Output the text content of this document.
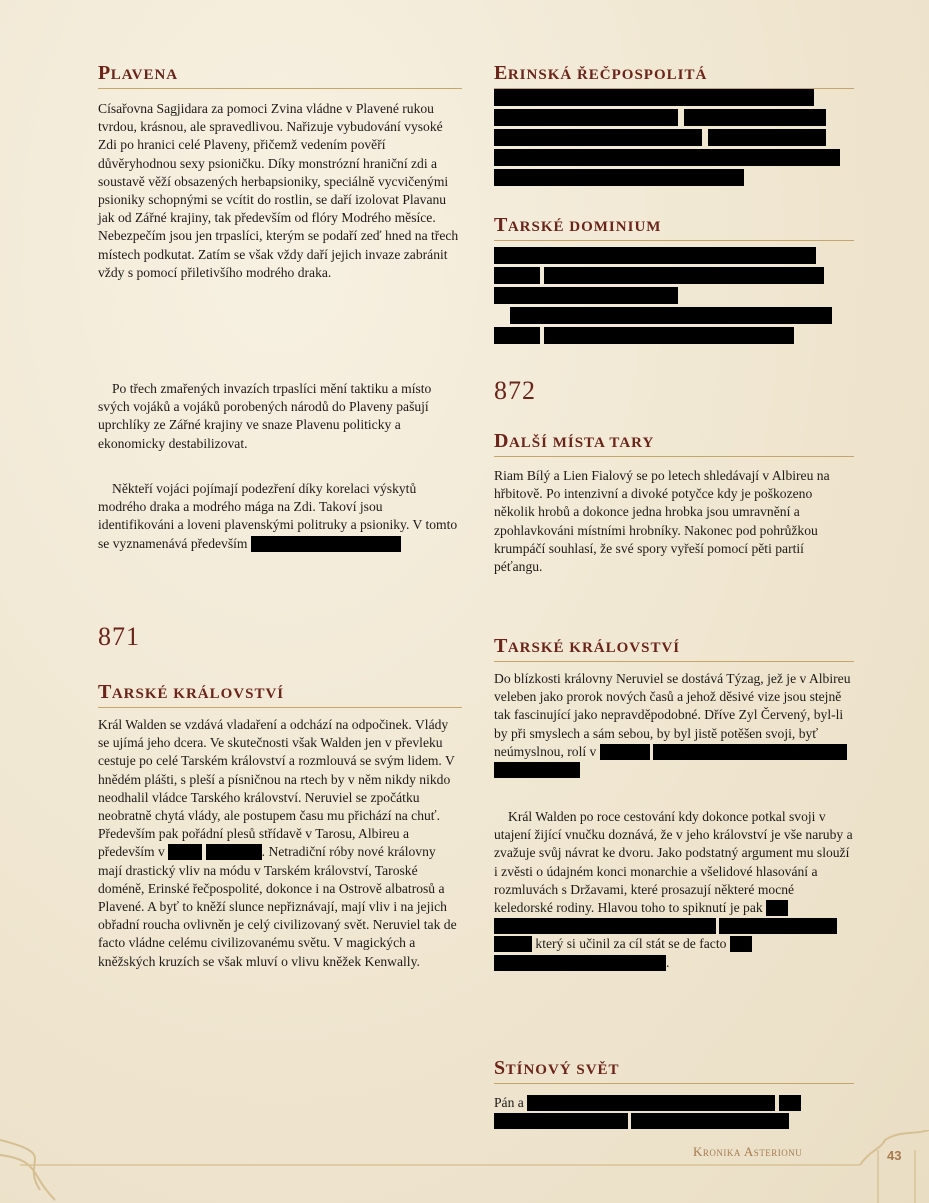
PLAVENA

Císařovna Sagjidara za pomoci Zvina vládne v Plavené rukou tvrdou, krásnou, ale spravedlivou. Nařizuje vybudování vysoké Zdi po hranici celé Plaveny, přičemž vedením pověří důvěryhodnou sexy psioničku. Díky monstrózní hraniční zdi a soustavě věží obsazených herbapsioniky, speciálně vycvičenými psioniky schopnými se vcítit do rostlin, se daří izolovat Plavanu jak od Zářné krajiny, tak především od flóry Modrého měsíce. Nebezpečím jsou jen trpaslíci, kterým se podaří zeď hned na třech místech podkutat. Zatím se však vždy daří jejich invaze zabránit vždy s pomocí přiletivšího modrého draka.

Po třech zmařených invazích trpaslíci mění taktiku a místo svých vojáků a vojáků porobených národů do Plaveny pašují uprchlíky ze Zářné krajiny ve snaze Plavenu politicky a ekonomicky destabilizovat.

Někteří vojáci pojímají podezření díky korelaci výskytů modrého draka a modrého mága na Zdi. Takoví jsou identifikováni a loveni plavenskými politruky a psioniky. V tomto se vyznamenává především

871
TARSKÉ KRÁLOVSTVÍ

Král Walden se vzdává vladaření a odchází na odpočinek. Vlády se ujímá jeho dcera. Ve skutečnosti však Walden jen v převleku cestuje po celé Tarském království a rozmlouvá se svým lidem. V hnědém plášti, s pleší a písničnou na rtech by v něm nikdy nikdo neodhalil vládce Tarského království. Neruviel se zpočátku neobratně chytá vlády, ale postupem času mu přichází na chuť. Především pak pořádní plesů střídavě v Tarosu, Albireu a především v	. Netradiční róby nové královny mají drastický vliv na módu v Tarském království, Taroské doméně, Erinské řečpospolité, dokonce i na Ostrově albatrosů a Plavené. A byť to kněží slunce nepřiznávají, mají vliv i na jejich obřadní roucha ovlivněn je celý civilizovaný svět. Neruviel tak de facto vládne celému civilizovanému světu. V magických a kněžských kruzích se však mluví o vlivu kněžek Kenwally.

ERINSKÁ ŘEČPOSPOLITÁ
TARSKÉ DOMINIUM
872
DALŠÍ MÍSTA TARY

Riam Bílý a Lien Fialový se po letech shledávají v Albireu na hřbitově. Po intenzivní a divoké potyčce kdy je poškozeno několik hrobů a dokonce jedna hrobka jsou umravnění a zpohlavkováni místními hrobníky. Nakonec pod pohrůžkou krumpáčí souhlasí, že své spory vyřeší pomocí pěti partií péťangu.

TARSKÉ KRÁLOVSTVÍ

Do blízkosti královny Neruviel se dostává Týzag, jež je v Albireu veleben jako prorok nových časů a jehož děsivé vize jsou stejně tak fascinující jako nepravděpodobné. Dříve Zyl Červený, byl-li by při smyslech a sám sebou, by byl jistě potěšen svoji, byť neúmyslnou, rolí v

Král Walden po roce cestování kdy dokonce potkal svoji v utajení žijící vnučku doznává, že v jeho království je vše naruby a zvažuje svůj návrat ke dvoru. Jako podstatný argument mu slouží i zvěsti o údajném konci monarchie a všelidové hlasování a rozmluvách s Državami, které prosazují některé mocné keledorské rodiny. Hlavou toho to spiknutí je pak     který si učinil za cíl stát se de facto  .

STÍNOVÝ SVĚT

Pán a

Kronika Asterionu	43
